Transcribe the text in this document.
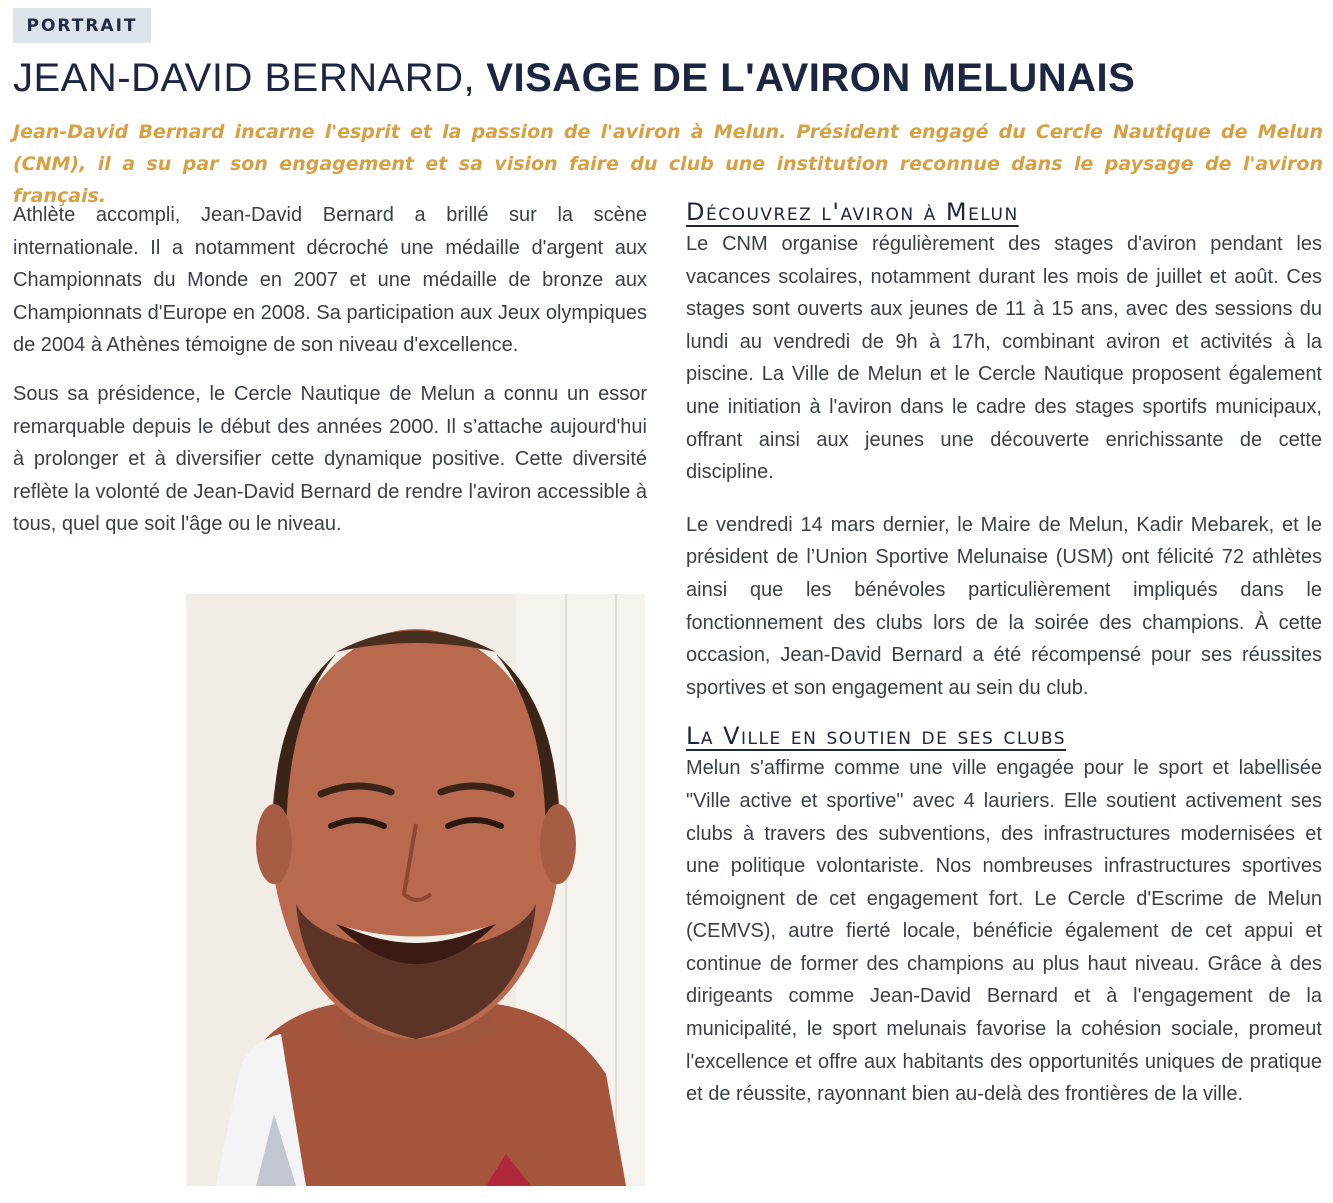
PORTRAIT
JEAN-DAVID BERNARD, VISAGE DE L'AVIRON MELUNAIS

Jean-David Bernard incarne l'esprit et la passion de l'aviron à Melun. Président engagé du Cercle Nautique de Melun (CNM), il a su par son engagement et sa vision faire du club une institution reconnue dans le paysage de l'aviron français.

Athlète accompli, Jean-David Bernard a brillé sur la scène internationale. Il a notamment décroché une médaille d'argent aux Championnats du Monde en 2007 et une médaille de bronze aux Championnats d'Europe en 2008. Sa participation aux Jeux olympiques de 2004 à Athènes témoigne de son niveau d'excellence.

Sous sa présidence, le Cercle Nautique de Melun a connu un essor remarquable depuis le début des années 2000. Il s’attache aujourd'hui à prolonger et à diversifier cette dynamique positive. Cette diversité reflète la volonté de Jean-David Bernard de rendre l'aviron accessible à tous, quel que soit l'âge ou le niveau.

Découvrez l'aviron à Melun

Le CNM organise régulièrement des stages d'aviron pendant les vacances scolaires, notamment durant les mois de juillet et août. Ces stages sont ouverts aux jeunes de 11 à 15 ans, avec des sessions du lundi au vendredi de 9h à 17h, combinant aviron et activités à la piscine. La Ville de Melun et le Cercle Nautique proposent également une initiation à l'aviron dans le cadre des stages sportifs municipaux, offrant ainsi aux jeunes une découverte enrichissante de cette discipline.

Le vendredi 14 mars dernier, le Maire de Melun, Kadir Mebarek, et le président de l’Union Sportive Melunaise (USM) ont félicité 72 athlètes ainsi que les bénévoles particulièrement impliqués dans le fonctionnement des clubs lors de la soirée des champions. À cette occasion, Jean-David Bernard a été récompensé pour ses réussites sportives et son engagement au sein du club.

La Ville en soutien de ses clubs

Melun s'affirme comme une ville engagée pour le sport et labellisée "Ville active et sportive" avec 4 lauriers. Elle soutient activement ses clubs à travers des subventions, des infrastructures modernisées et une politique volontariste. Nos nombreuses infrastructures sportives témoignent de cet engagement fort. Le Cercle d'Escrime de Melun (CEMVS), autre fierté locale, bénéficie également de cet appui et continue de former des champions au plus haut niveau. Grâce à des dirigeants comme Jean-David Bernard et à l'engagement de la municipalité, le sport melunais favorise la cohésion sociale, promeut l'excellence et offre aux habitants des opportunités uniques de pratique et de réussite, rayonnant bien au-delà des frontières de la ville.
